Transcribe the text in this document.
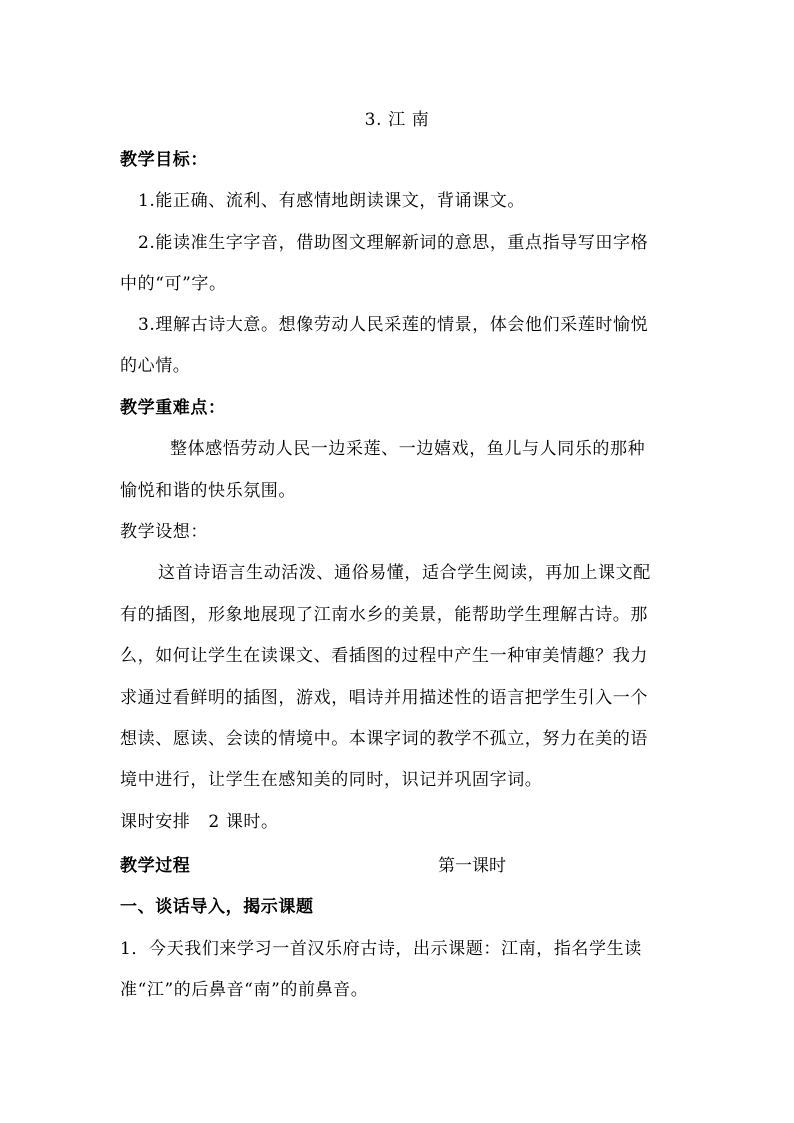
3. 江 南
教学目标：
1.能正确、流利、有感情地朗读课文，背诵课文。
2.能读准生字字音，借助图文理解新词的意思，重点指导写田字格
中的“可”字。
3.理解古诗大意。想像劳动人民采莲的情景，体会他们采莲时愉悦
的心情。
教学重难点：
整体感悟劳动人民一边采莲、一边嬉戏，鱼儿与人同乐的那种
愉悦和谐的快乐氛围。
教学设想：
这首诗语言生动活泼、通俗易懂，适合学生阅读，再加上课文配
有的插图，形象地展现了江南水乡的美景，能帮助学生理解古诗。那
么，如何让学生在读课文、看插图的过程中产生一种审美情趣？我力
求通过看鲜明的插图，游戏，唱诗并用描述性的语言把学生引入一个
想读、愿读、会读的情境中。本课字词的教学不孤立，努力在美的语
境中进行，让学生在感知美的同时，识记并巩固字词。
课时安排   2 课时。
教学过程	第一课时
一、谈话导入，揭示课题
1．今天我们来学习一首汉乐府古诗，出示课题：江南，指名学生读
准“江”的后鼻音“南”的前鼻音。
